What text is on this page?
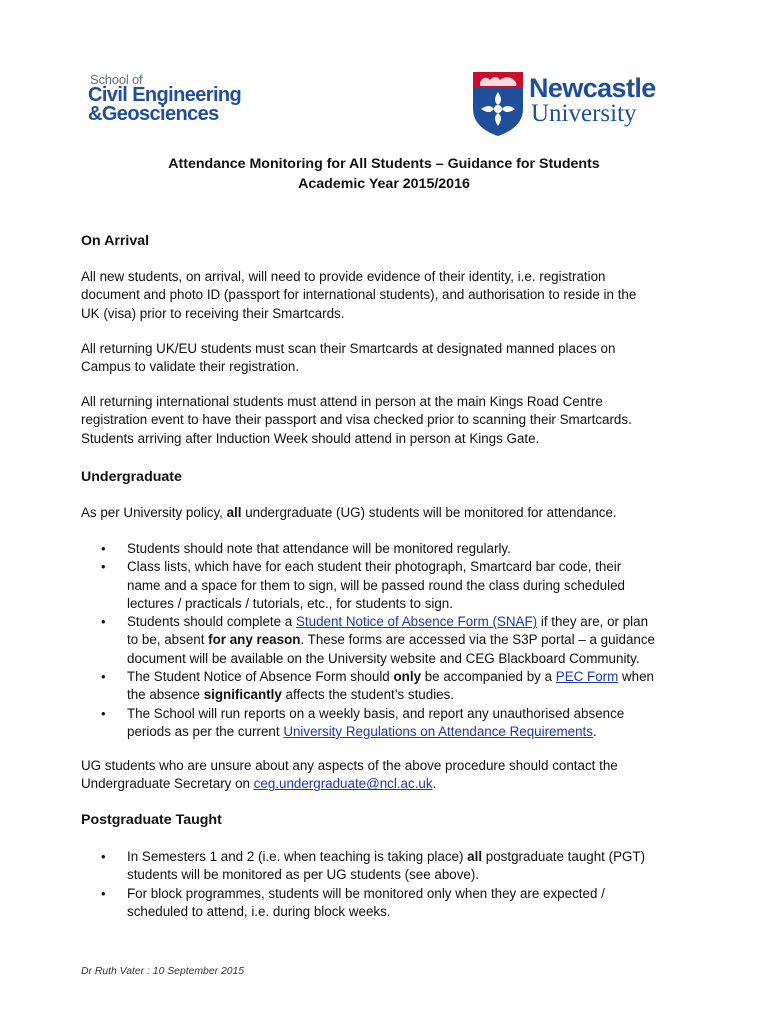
School of
Civil Engineering
&Geosciences
Newcastle
University
Attendance Monitoring for All Students – Guidance for Students
Academic Year 2015/2016
On Arrival
All new students, on arrival, will need to provide evidence of their identity, i.e. registration
document and photo ID (passport for international students), and authorisation to reside in the
UK (visa) prior to receiving their Smartcards.
All returning UK/EU students must scan their Smartcards at designated manned places on
Campus to validate their registration.
All returning international students must attend in person at the main Kings Road Centre
registration event to have their passport and visa checked prior to scanning their Smartcards.
Students arriving after Induction Week should attend in person at Kings Gate.
Undergraduate
As per University policy, all undergraduate (UG) students will be monitored for attendance.
• Students should note that attendance will be monitored regularly.
• Class lists, which have for each student their photograph, Smartcard bar code, their
name and a space for them to sign, will be passed round the class during scheduled
lectures / practicals / tutorials, etc., for students to sign.
• Students should complete a Student Notice of Absence Form (SNAF) if they are, or plan
to be, absent for any reason. These forms are accessed via the S3P portal – a guidance
document will be available on the University website and CEG Blackboard Community.
• The Student Notice of Absence Form should only be accompanied by a PEC Form when
the absence significantly affects the student’s studies.
• The School will run reports on a weekly basis, and report any unauthorised absence
periods as per the current University Regulations on Attendance Requirements.
UG students who are unsure about any aspects of the above procedure should contact the
Undergraduate Secretary on ceg.undergraduate@ncl.ac.uk.
Postgraduate Taught
• In Semesters 1 and 2 (i.e. when teaching is taking place) all postgraduate taught (PGT)
students will be monitored as per UG students (see above).
• For block programmes, students will be monitored only when they are expected /
scheduled to attend, i.e. during block weeks.
Dr Ruth Vater : 10 September 2015
